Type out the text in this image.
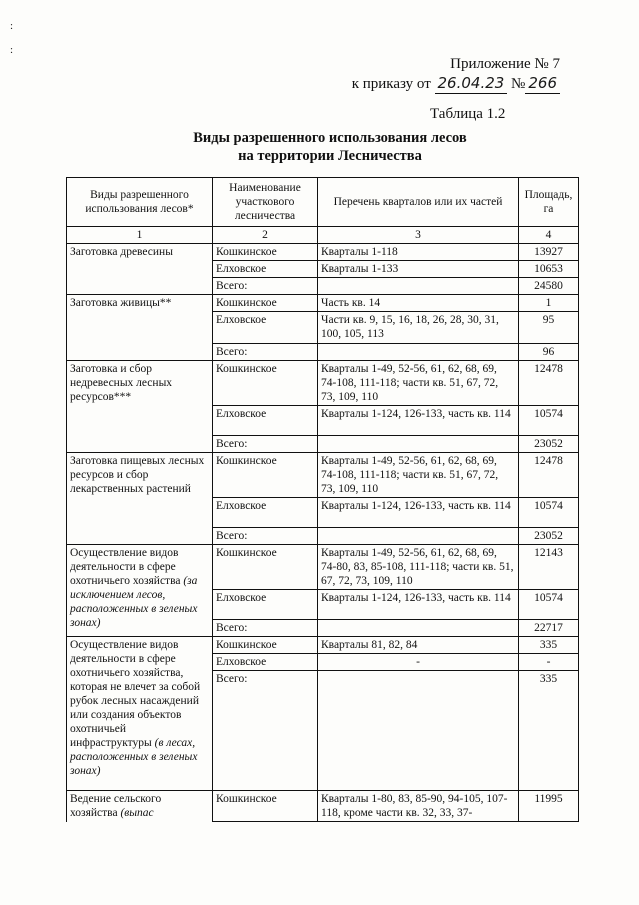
:
:
Приложение № 7
к приказу от 26.04.23 № 266
Таблица 1.2
Виды разрешенного использования лесов
на территории Лесничества
Виды разрешенного использования лесов*	Наименование участкового лесничества	Перечень кварталов или их частей	Площадь, га
1	2	3	4
Заготовка древесины	Кошкинское	Кварталы 1-118	13927
	Елховское	Кварталы 1-133	10653
	Всего:		24580
Заготовка живицы**	Кошкинское	Часть кв. 14	1
	Елховское	Части кв. 9, 15, 16, 18, 26, 28, 30, 31, 100, 105, 113	95
	Всего:		96
Заготовка и сбор недревесных лесных ресурсов***	Кошкинское	Кварталы 1-49, 52-56, 61, 62, 68, 69, 74-108, 111-118; части кв. 51, 67, 72, 73, 109, 110	12478
	Елховское	Кварталы 1-124, 126-133, часть кв. 114	10574
	Всего:		23052
Заготовка пищевых лесных ресурсов и сбор лекарственных растений	Кошкинское	Кварталы 1-49, 52-56, 61, 62, 68, 69, 74-108, 111-118; части кв. 51, 67, 72, 73, 109, 110	12478
	Елховское	Кварталы 1-124, 126-133, часть кв. 114	10574
	Всего:		23052
Осуществление видов деятельности в сфере охотничьего хозяйства (за исключением лесов, расположенных в зеленых зонах)	Кошкинское	Кварталы 1-49, 52-56, 61, 62, 68, 69, 74-80, 83, 85-108, 111-118; части кв. 51, 67, 72, 73, 109, 110	12143
	Елховское	Кварталы 1-124, 126-133, часть кв. 114	10574
	Всего:		22717
Осуществление видов деятельности в сфере охотничьего хозяйства, которая не влечет за собой рубок лесных насаждений или создания объектов охотничьей инфраструктуры (в лесах, расположенных в зеленых зонах)	Кошкинское	Кварталы 81, 82, 84	335
	Елховское	-	-
	Всего:		335
Ведение сельского хозяйства (выпас	Кошкинское	Кварталы 1-80, 83, 85-90, 94-105, 107-118, кроме части кв. 32, 33, 37-	11995
